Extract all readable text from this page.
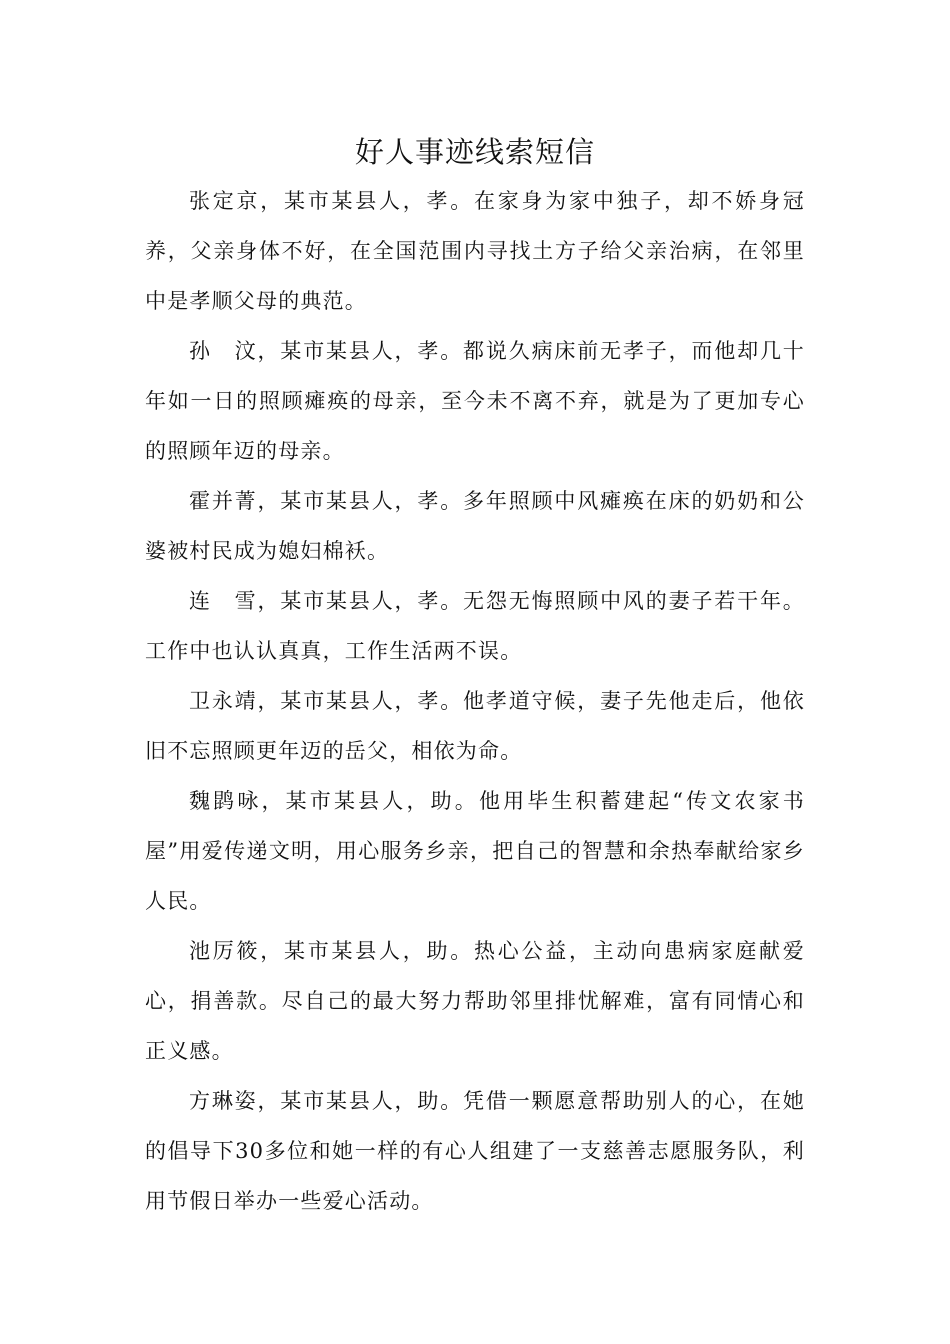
好人事迹线索短信

张定京，某市某县人，孝。在家身为家中独子，却不娇身冠养，父亲身体不好，在全国范围内寻找土方子给父亲治病，在邻里中是孝顺父母的典范。

孙　汶，某市某县人，孝。都说久病床前无孝子，而他却几十年如一日的照顾瘫痪的母亲，至今未不离不弃，就是为了更加专心的照顾年迈的母亲。

霍并菁，某市某县人，孝。多年照顾中风瘫痪在床的奶奶和公婆被村民成为媳妇棉袄。

连　雪，某市某县人，孝。无怨无悔照顾中风的妻子若干年。工作中也认认真真，工作生活两不误。

卫永靖，某市某县人，孝。他孝道守候，妻子先他走后，他依旧不忘照顾更年迈的岳父，相依为命。

魏鹍咏，某市某县人，助。他用毕生积蓄建起“传文农家书屋”用爱传递文明，用心服务乡亲，把自己的智慧和余热奉献给家乡人民。

池厉筱，某市某县人，助。热心公益，主动向患病家庭献爱心，捐善款。尽自己的最大努力帮助邻里排忧解难，富有同情心和正义感。

方琳姿，某市某县人，助。凭借一颗愿意帮助别人的心，在她的倡导下30多位和她一样的有心人组建了一支慈善志愿服务队，利用节假日举办一些爱心活动。
